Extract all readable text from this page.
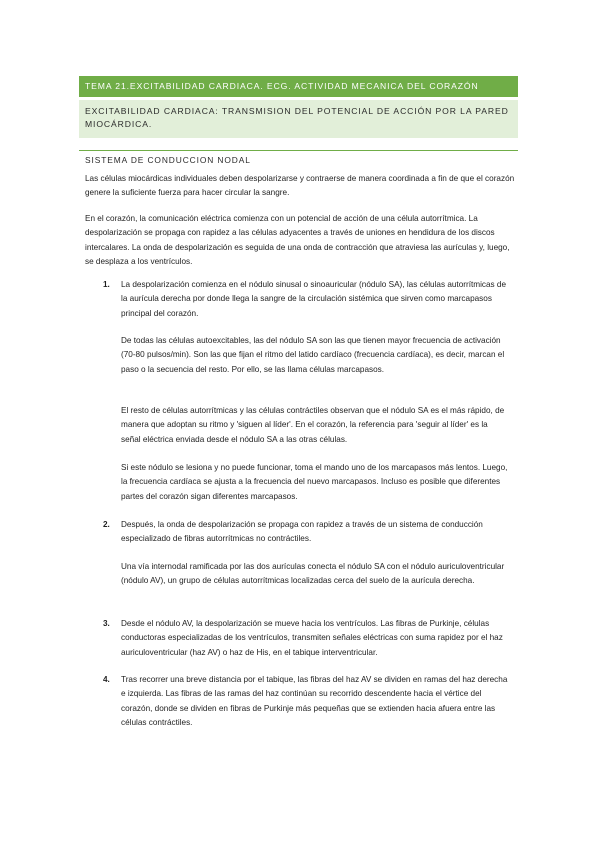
TEMA 21.EXCITABILIDAD CARDIACA. ECG. ACTIVIDAD MECANICA DEL CORAZÓN
EXCITABILIDAD CARDIACA: TRANSMISION DEL POTENCIAL DE ACCIÓN POR LA PARED MIOCÁRDICA.
SISTEMA DE CONDUCCION NODAL

Las células miocárdicas individuales deben despolarizarse y contraerse de manera coordinada a fin de que el corazón genere la suficiente fuerza para hacer circular la sangre.

En el corazón, la comunicación eléctrica comienza con un potencial de acción de una célula autorrítmica. La despolarización se propaga con rapidez a las células adyacentes a través de uniones en hendidura de los discos intercalares. La onda de despolarización es seguida de una onda de contracción que atraviesa las aurículas y, luego, se desplaza a los ventrículos.

1. La despolarización comienza en el nódulo sinusal o sinoauricular (nódulo SA), las células autorrítmicas de la aurícula derecha por donde llega la sangre de la circulación sistémica que sirven como marcapasos principal del corazón.

De todas las células autoexcitables, las del nódulo SA son las que tienen mayor frecuencia de activación (70-80 pulsos/min). Son las que fijan el ritmo del latido cardíaco (frecuencia cardíaca), es decir, marcan el paso o la secuencia del resto. Por ello, se las llama células marcapasos.

El resto de células autorrítmicas y las células contráctiles observan que el nódulo SA es el más rápido, de manera que adoptan su ritmo y 'siguen al líder'. En el corazón, la referencia para 'seguir al líder' es la señal eléctrica enviada desde el nódulo SA a las otras células.

Si este nódulo se lesiona y no puede funcionar, toma el mando uno de los marcapasos más lentos. Luego, la frecuencia cardíaca se ajusta a la frecuencia del nuevo marcapasos. Incluso es posible que diferentes partes del corazón sigan diferentes marcapasos.

2. Después, la onda de despolarización se propaga con rapidez a través de un sistema de conducción especializado de fibras autorrítmicas no contráctiles.

Una vía internodal ramificada por las dos aurículas conecta el nódulo SA con el nódulo auriculoventricular (nódulo AV), un grupo de células autorrítmicas localizadas cerca del suelo de la aurícula derecha.

3. Desde el nódulo AV, la despolarización se mueve hacia los ventrículos. Las fibras de Purkinje, células conductoras especializadas de los ventrículos, transmiten señales eléctricas con suma rapidez por el haz auriculoventricular (haz AV) o haz de His, en el tabique interventricular.

4. Tras recorrer una breve distancia por el tabique, las fibras del haz AV se dividen en ramas del haz derecha e izquierda. Las fibras de las ramas del haz continúan su recorrido descendente hacia el vértice del corazón, donde se dividen en fibras de Purkinje más pequeñas que se extienden hacia afuera entre las células contráctiles.
